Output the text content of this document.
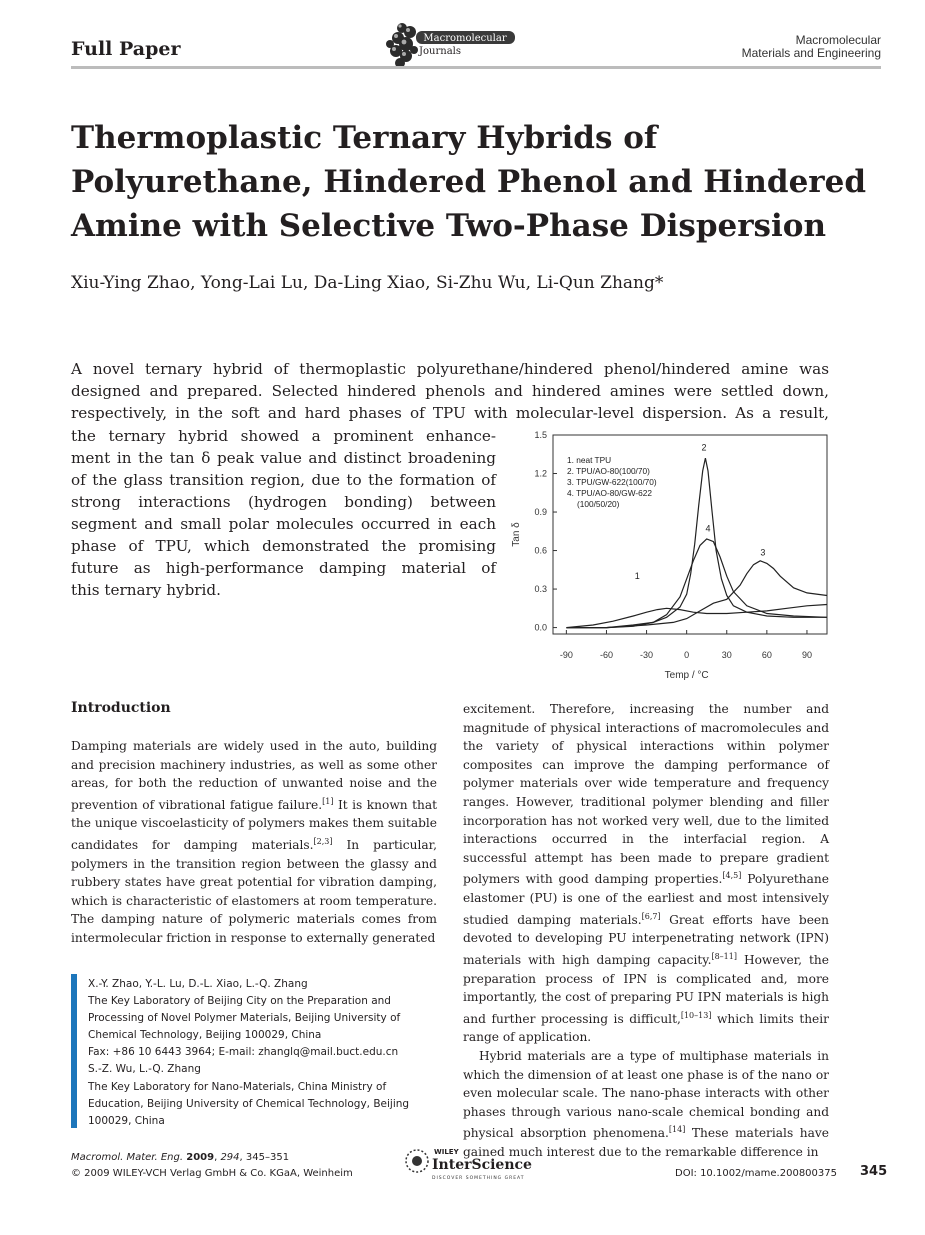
Full Paper	Macromolecular
Journals
Macromolecular
Materials and Engineering
Thermoplastic Ternary Hybrids of Polyurethane, Hindered Phenol and Hindered Amine with Selective Two-Phase Dispersion
Xiu-Ying Zhao, Yong-Lai Lu, Da-Ling Xiao, Si-Zhu Wu, Li-Qun Zhang*
A novel ternary hybrid of thermoplastic polyurethane/hindered phenol/hindered amine was
designed and prepared. Selected hindered phenols and hindered amines were settled down,
respectively, in the soft and hard phases of TPU with molecular-level dispersion. As a result,
the ternary hybrid showed a prominent enhance-
ment in the tan δ peak value and distinct broadening
of the glass transition region, due to the formation of
strong interactions (hydrogen bonding) between
segment and small polar molecules occurred in each
phase of TPU, which demonstrated the promising
future as high-performance damping material of
this ternary hybrid.
0.0
0.3
0.6
0.9
1.2
1.5
-90	-60	-30	0	30	60	90
Temp / °C
Tan δ
1
2
3
4
1. neat TPU
2. TPU/AO-80(100/70)
3. TPU/GW-622(100/70)
4. TPU/AO-80/GW-622
(100/50/20)
Introduction
Damping materials are widely used in the auto, building and precision machinery industries, as well as some other areas, for both the reduction of unwanted noise and the prevention of vibrational fatigue failure.[1] It is known that the unique viscoelasticity of polymers makes them suitable candidates for damping materials.[2,3] In particular, polymers in the transition region between the glassy and rubbery states have great potential for vibration damping, which is characteristic of elastomers at room temperature. The damping nature of polymeric materials comes from intermolecular friction in response to externally generated
excitement. Therefore, increasing the number and magnitude of physical interactions of macromolecules and the variety of physical interactions within polymer composites can improve the damping performance of polymer materials over wide temperature and frequency ranges. However, traditional polymer blending and filler incorporation has not worked very well, due to the limited interactions occurred in the interfacial region. A successful attempt has been made to prepare gradient polymers with good damping properties.[4,5] Polyurethane elastomer (PU) is one of the earliest and most intensively studied damping materials.[6,7] Great efforts have been devoted to developing PU interpenetrating network (IPN) materials with high damping capacity.[8–11] However, the preparation process of IPN is complicated and, more importantly, the cost of preparing PU IPN materials is high and further processing is difficult,[10–13] which limits their range of application.
Hybrid materials are a type of multiphase materials in which the dimension of at least one phase is of the nano or even molecular scale. The nano-phase interacts with other phases through various nano-scale chemical bonding and physical absorption phenomena.[14] These materials have gained much interest due to the remarkable difference in
X.-Y. Zhao, Y.-L. Lu, D.-L. Xiao, L.-Q. Zhang
The Key Laboratory of Beijing City on the Preparation and
Processing of Novel Polymer Materials, Beijing University of
Chemical Technology, Beijing 100029, China
Fax: +86 10 6443 3964; E-mail: zhanglq@mail.buct.edu.cn
S.-Z. Wu, L.-Q. Zhang
The Key Laboratory for Nano-Materials, China Ministry of
Education, Beijing University of Chemical Technology, Beijing
100029, China
Macromol. Mater. Eng. 2009, 294, 345–351
© 2009 WILEY-VCH Verlag GmbH & Co. KGaA, Weinheim
WILEY
InterScience
DISCOVER SOMETHING GREAT	DOI: 10.1002/mame.200800375 345
